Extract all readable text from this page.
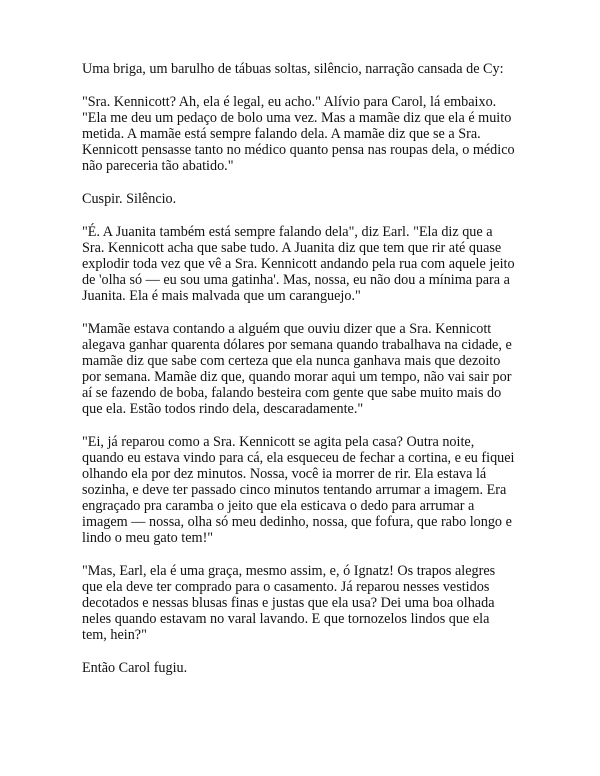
Uma briga, um barulho de tábuas soltas, silêncio, narração cansada de Cy:

"Sra. Kennicott? Ah, ela é legal, eu acho." Alívio para Carol, lá embaixo.
"Ela me deu um pedaço de bolo uma vez. Mas a mamãe diz que ela é muito
metida. A mamãe está sempre falando dela. A mamãe diz que se a Sra.
Kennicott pensasse tanto no médico quanto pensa nas roupas dela, o médico
não pareceria tão abatido."

Cuspir. Silêncio.

"É. A Juanita também está sempre falando dela", diz Earl. "Ela diz que a
Sra. Kennicott acha que sabe tudo. A Juanita diz que tem que rir até quase
explodir toda vez que vê a Sra. Kennicott andando pela rua com aquele jeito
de 'olha só — eu sou uma gatinha'. Mas, nossa, eu não dou a mínima para a
Juanita. Ela é mais malvada que um caranguejo."

"Mamãe estava contando a alguém que ouviu dizer que a Sra. Kennicott
alegava ganhar quarenta dólares por semana quando trabalhava na cidade, e
mamãe diz que sabe com certeza que ela nunca ganhava mais que dezoito
por semana. Mamãe diz que, quando morar aqui um tempo, não vai sair por
aí se fazendo de boba, falando besteira com gente que sabe muito mais do
que ela. Estão todos rindo dela, descaradamente."

"Ei, já reparou como a Sra. Kennicott se agita pela casa? Outra noite,
quando eu estava vindo para cá, ela esqueceu de fechar a cortina, e eu fiquei
olhando ela por dez minutos. Nossa, você ia morrer de rir. Ela estava lá
sozinha, e deve ter passado cinco minutos tentando arrumar a imagem. Era
engraçado pra caramba o jeito que ela esticava o dedo para arrumar a
imagem — nossa, olha só meu dedinho, nossa, que fofura, que rabo longo e
lindo o meu gato tem!"

"Mas, Earl, ela é uma graça, mesmo assim, e, ó Ignatz! Os trapos alegres
que ela deve ter comprado para o casamento. Já reparou nesses vestidos
decotados e nessas blusas finas e justas que ela usa? Dei uma boa olhada
neles quando estavam no varal lavando. E que tornozelos lindos que ela
tem, hein?"

Então Carol fugiu.
